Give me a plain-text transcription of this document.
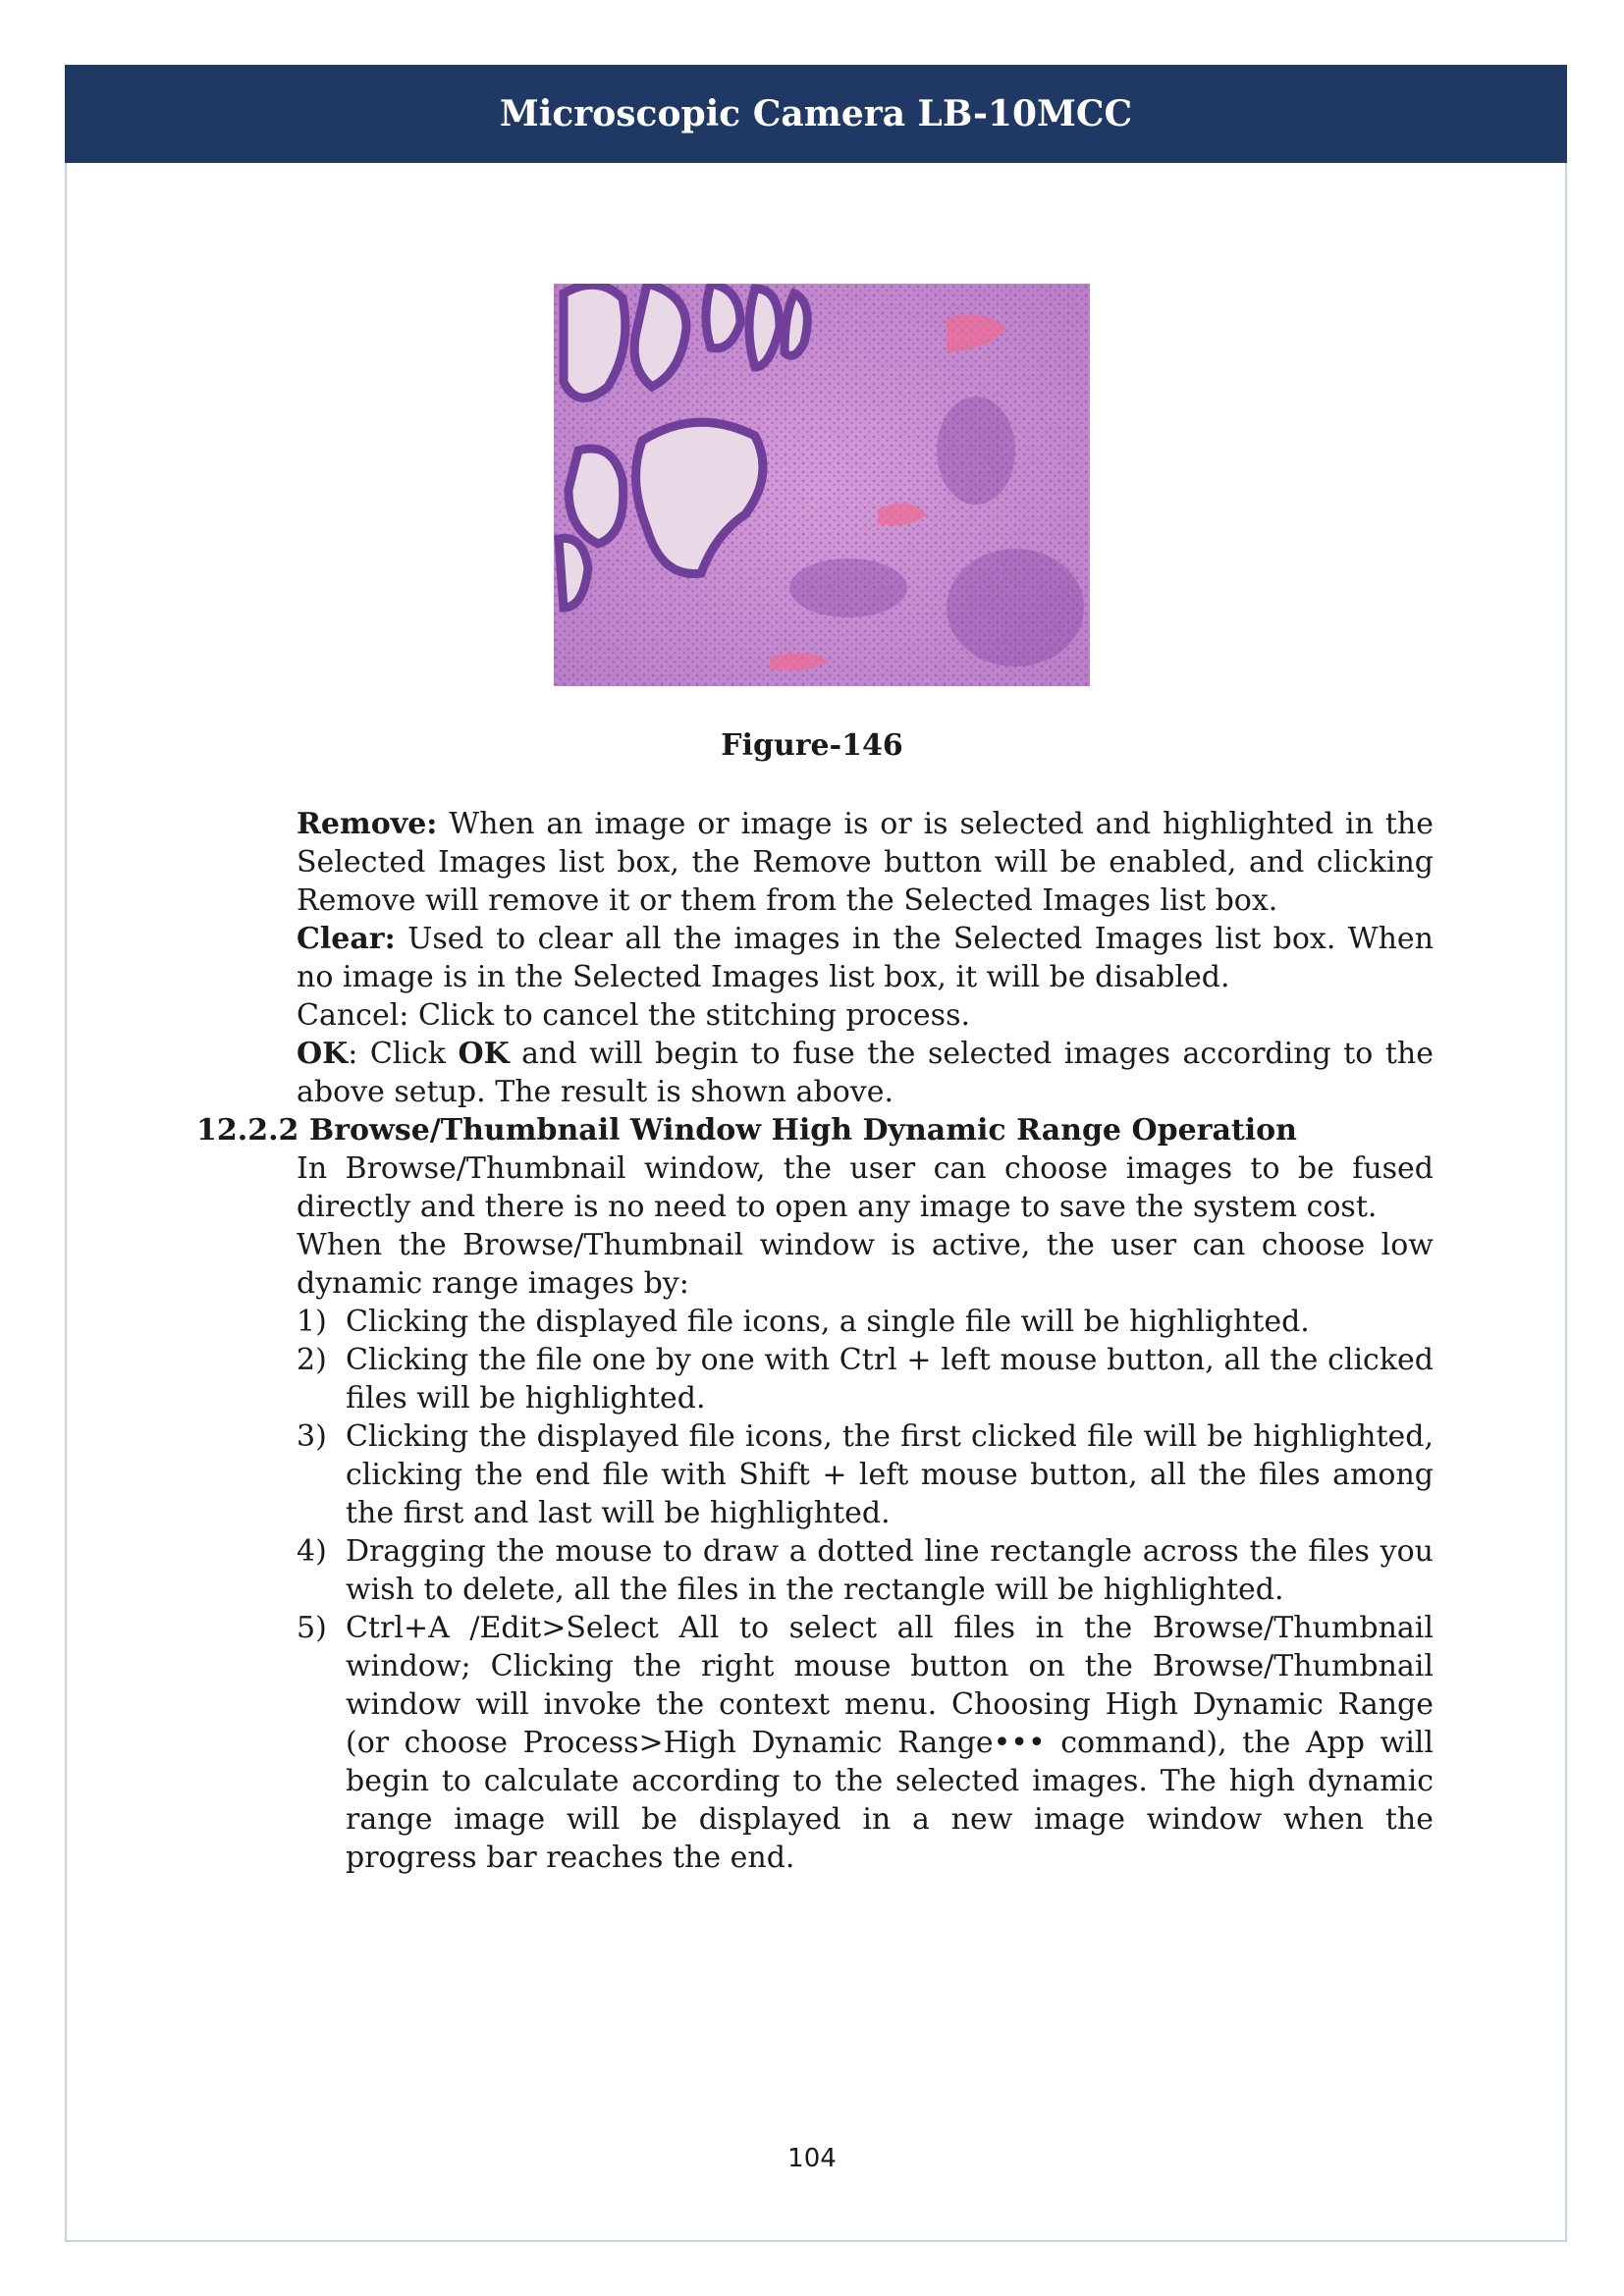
Microscopic Camera LB-10MCC
Figure-146

Remove: When an image or image is or is selected and highlighted in the Selected Images list box, the Remove button will be enabled, and clicking Remove will remove it or them from the Selected Images list box.

Clear: Used to clear all the images in the Selected Images list box. When no image is in the Selected Images list box, it will be disabled.

Cancel: Click to cancel the stitching process.

OK: Click OK and will begin to fuse the selected images according to the above setup. The result is shown above.

12.2.2 Browse/Thumbnail Window High Dynamic Range Operation

In Browse/Thumbnail window, the user can choose images to be fused directly and there is no need to open any image to save the system cost.

When the Browse/Thumbnail window is active, the user can choose low dynamic range images by:

1) Clicking the displayed file icons, a single file will be highlighted.
2) Clicking the file one by one with Ctrl + left mouse button, all the clicked files will be highlighted.
3) Clicking the displayed file icons, the first clicked file will be highlighted, clicking the end file with Shift + left mouse button, all the files among the first and last will be highlighted.
4) Dragging the mouse to draw a dotted line rectangle across the files you wish to delete, all the files in the rectangle will be highlighted.
5) Ctrl+A /Edit>Select All to select all files in the Browse/Thumbnail window; Clicking the right mouse button on the Browse/Thumbnail window will invoke the context menu. Choosing High Dynamic Range (or choose Process>High Dynamic Range••• command), the App will begin to calculate according to the selected images. The high dynamic range image will be displayed in a new image window when the progress bar reaches the end.
104
